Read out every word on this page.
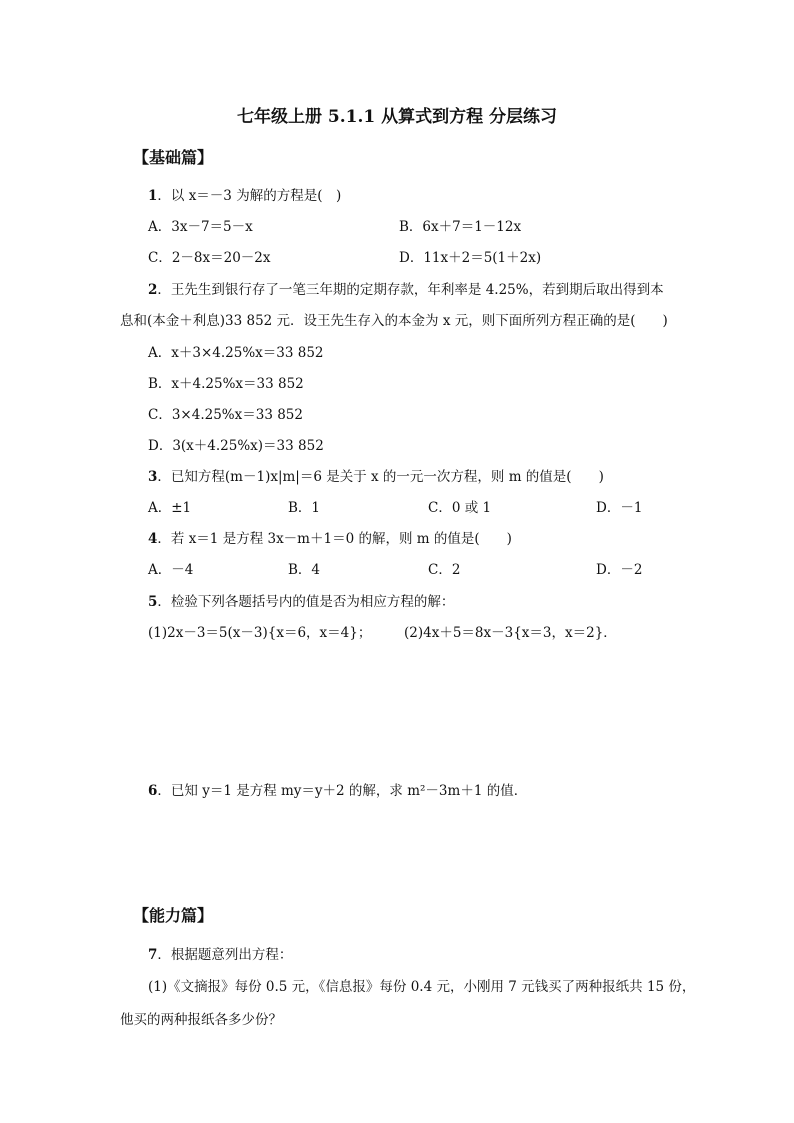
七年级上册 5.1.1 从算式到方程 分层练习
【基础篇】
1．以 x＝－3 为解的方程是(　)
A．3x－7＝5－x	B．6x＋7＝1－12x
C．2－8x＝20－2x	D．11x＋2＝5(1＋2x)
2．王先生到银行存了一笔三年期的定期存款，年利率是 4.25%，若到期后取出得到本
息和(本金＋利息)33 852 元．设王先生存入的本金为 x 元，则下面所列方程正确的是(　　)
A．x＋3×4.25%x＝33 852
B．x＋4.25%x＝33 852
C．3×4.25%x＝33 852
D．3(x＋4.25%x)＝33 852
3．已知方程(m－1)x|m|＝6 是关于 x 的一元一次方程，则 m 的值是(　　)
A．±1	B．1	C．0 或 1	D．－1
4．若 x＝1 是方程 3x－m＋1＝0 的解，则 m 的值是(　　)
A．－4	B．4	C．2	D．－2
5．检验下列各题括号内的值是否为相应方程的解：
(1)2x－3＝5(x－3){x＝6，x＝4}； (2)4x＋5＝8x－3{x＝3，x＝2}．
6．已知 y＝1 是方程 my＝y＋2 的解，求 m²－3m＋1 的值．
【能力篇】
7．根据题意列出方程：
(1)《文摘报》每份 0.5 元，《信息报》每份 0.4 元，小刚用 7 元钱买了两种报纸共 15 份，
他买的两种报纸各多少份？
